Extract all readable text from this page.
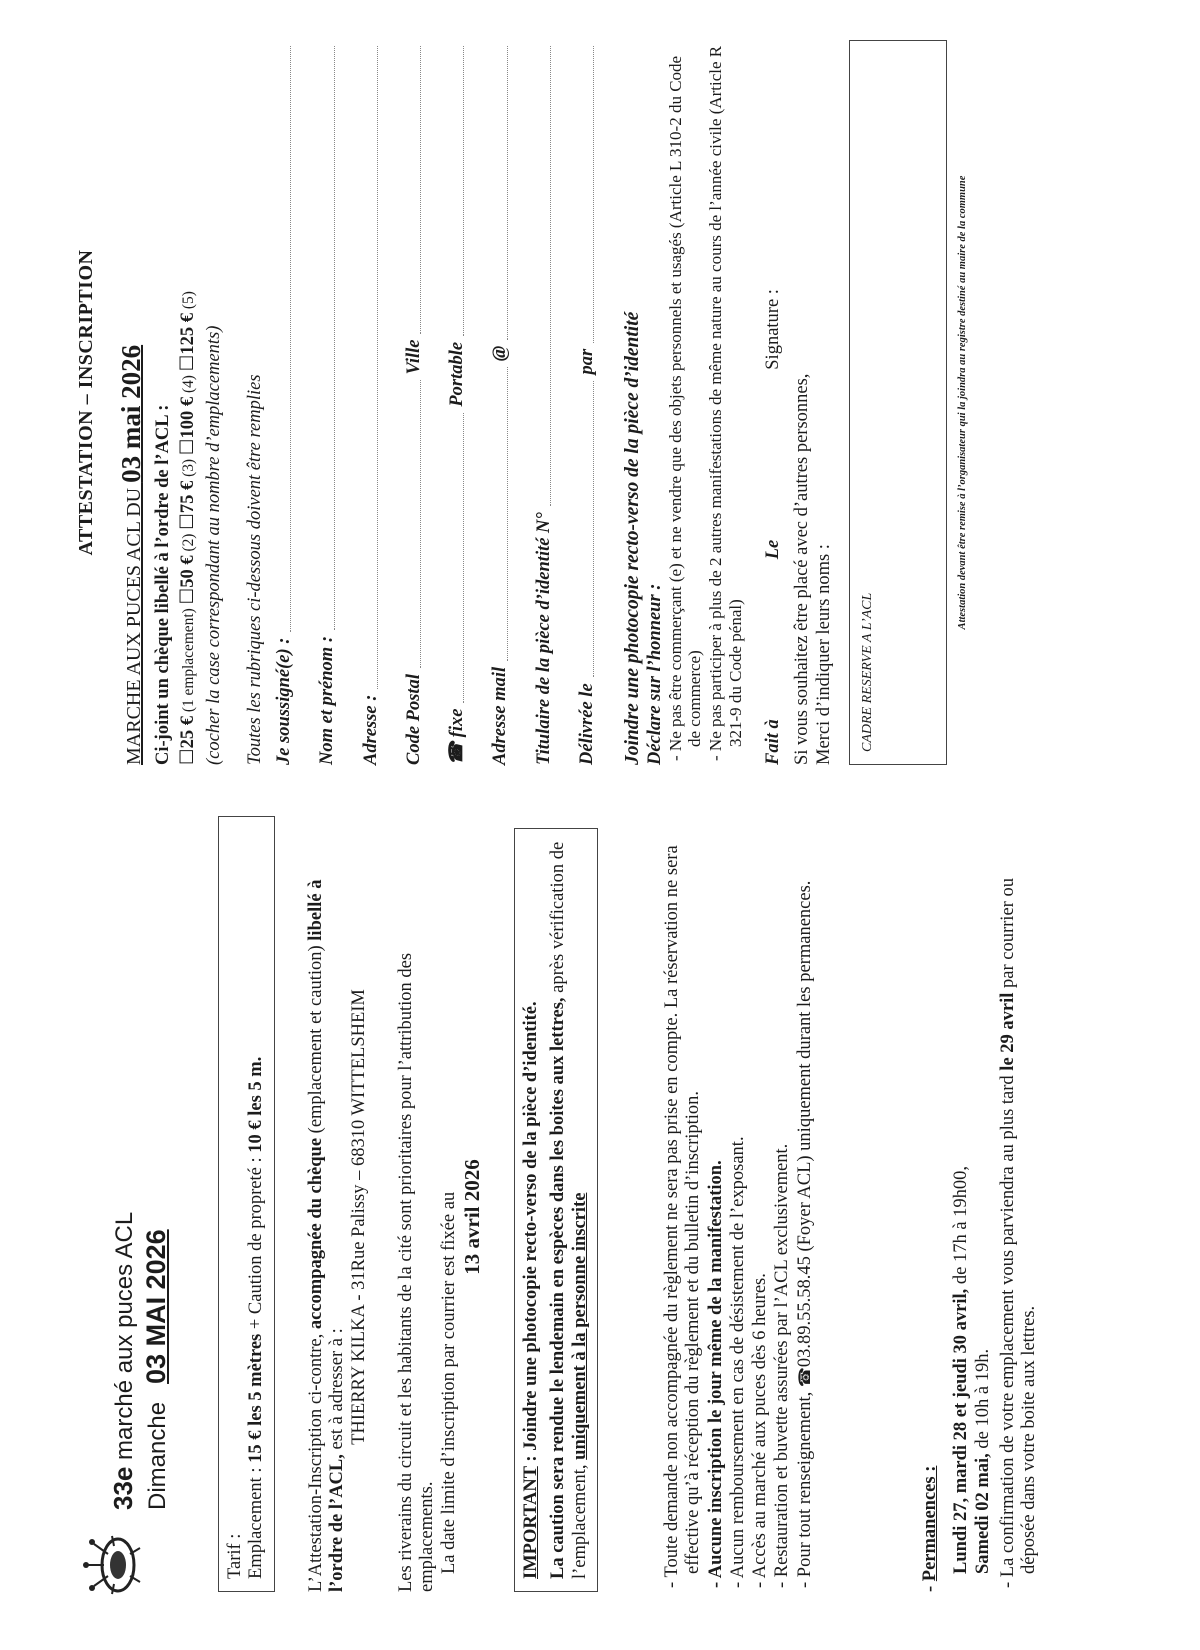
33e marché aux puces ACL Dimanche03 MAI 2026
Tarif : Emplacement : 15 € les 5 mètres + Caution de propreté : 10 € les 5 m.
L’Attestation-Inscription ci-contre, accompagnée du chèque (emplacement et caution) libellé à l’ordre de l’ACL, est à adresser à : THIERRY KILKA - 31Rue Palissy – 68310 WITTELSHEIM Les riverains du circuit et les habitants de la cité sont prioritaires pour l’attribution des emplacements. La date limite d’inscription par courrier est fixée au 13 avril 2026
IMPORTANT : Joindre une photocopie recto-verso de la pièce d’identité. La caution sera rendue le lendemain en espèces dans les boites aux lettres, après vérification de l’emplacement, uniquement à la personne inscrite	- Toute demande non accompagnée du règlement ne sera pas prise en compte. La réservation ne sera effective qu’à réception du règlement et du bulletin d’inscription. - Aucune inscription le jour même de la manifestation. - Aucun remboursement en cas de désistement de l’exposant. - Accès au marché aux puces dès 6 heures. - Restauration et buvette assurées par l’ACL exclusivement. - Pour tout renseignement, ☎03.89.55.58.45 (Foyer ACL) uniquement durant les permanences.
- Permanences : Lundi 27, mardi 28 et jeudi 30 avril, de 17h à 19h00,
Samedi 02 mai, de 10h à 19h. - La confirmation de votre emplacement vous parviendra au plus tard le 29 avril par courrier ou déposée dans votre boite aux lettres.
ATTESTATION – INSCRIPTION
MARCHE AUX PUCES ACL DU 03 mai 2026 Ci-joint un chèque libellé à l’ordre de l’ACL : ☐25 € (1 emplacement) ☐50 € (2) ☐75 € (3) ☐100 € (4) ☐125 € (5)
(cocher la case correspondant au nombre d’emplacements) Toutes les rubriques ci-dessous doivent être remplies Je soussigné(e) : Nom et prénom : Adresse : Code Postal
Ville
☎
fixe
Portable
Adresse mail
@
Titulaire de la pièce d’identité N° Délivrée le
par Joindre une photocopie recto-verso de la pièce d’identité Déclare sur l’honneur : - Ne pas être commerçant (e) et ne vendre que des objets personnels et usagés (Article L 310-2 du Code de commerce) - Ne pas participer à plus de 2 autres manifestations de même nature au cours de l’année civile (Article R 321-9 du Code pénal) Fait à
Le
Signature :
Si vous souhaitez être placé avec d’autres personnes, Merci d’indiquer leurs noms :	CADRE RESERVE A L’ACL
Attestation devant être remise à l’organisateur qui la joindra au registre destiné au maire de la commune
